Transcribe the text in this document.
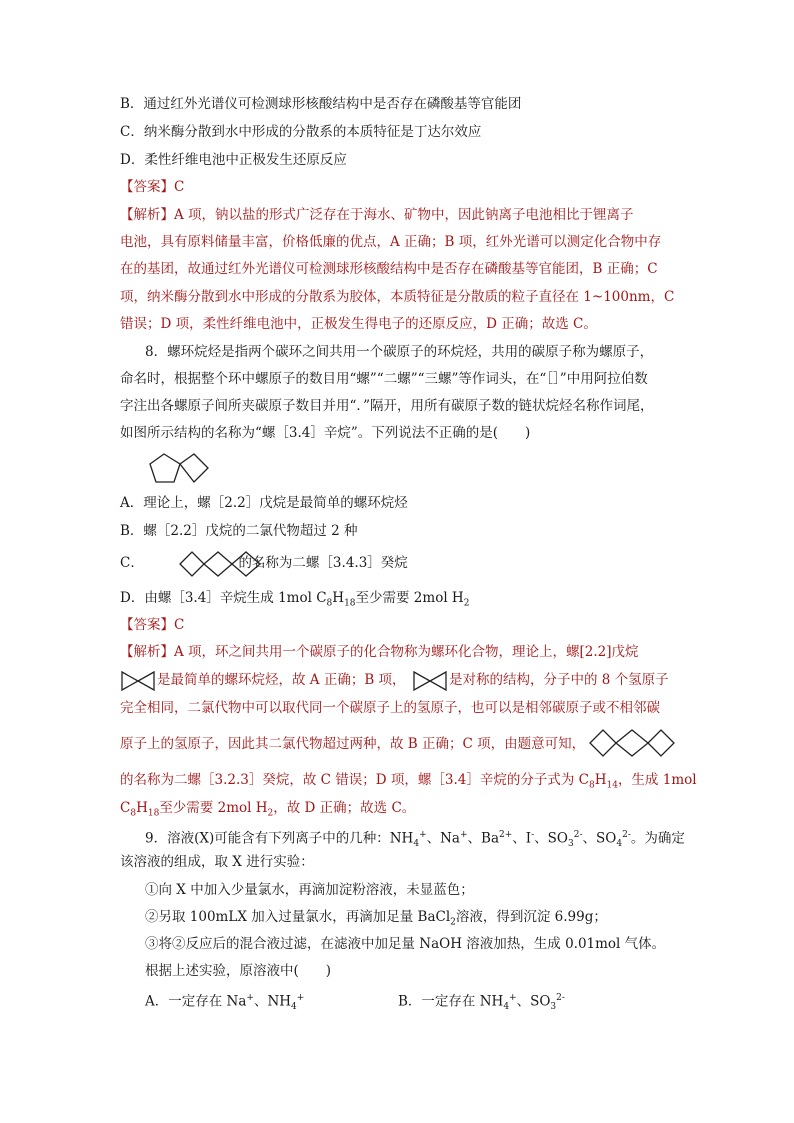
B．通过红外光谱仪可检测球形核酸结构中是否存在磷酸基等官能团
C．纳米酶分散到水中形成的分散系的本质特征是丁达尔效应
D．柔性纤维电池中正极发生还原反应
【答案】C
【解析】A 项，钠以盐的形式广泛存在于海水、矿物中，因此钠离子电池相比于锂离子
电池，具有原料储量丰富，价格低廉的优点，A 正确；B 项，红外光谱可以测定化合物中存
在的基团，故通过红外光谱仪可检测球形核酸结构中是否存在磷酸基等官能团，B 正确；C
项，纳米酶分散到水中形成的分散系为胶体，本质特征是分散质的粒子直径在 1~100nm，C
错误；D 项，柔性纤维电池中，正极发生得电子的还原反应，D 正确；故选 C。
8．螺环烷烃是指两个碳环之间共用一个碳原子的环烷烃，共用的碳原子称为螺原子，
命名时，根据整个环中螺原子的数目用“螺”“二螺”“三螺”等作词头，在“［］”中用阿拉伯数
字注出各螺原子间所夹碳原子数目并用“．”隔开，用所有碳原子数的链状烷烃名称作词尾，
如图所示结构的名称为“螺［3.4］辛烷”。下列说法不正确的是(　　)
A．理论上，螺［2.2］戊烷是最简单的螺环烷烃
B．螺［2.2］戊烷的二氯代物超过 2 种
C．	的名称为二螺［3.4.3］癸烷
D．由螺［3.4］辛烷生成 1mol $C_8H_{18}$至少需要 2mol $H_2$
【答案】C
【解析】A 项，环之间共用一个碳原子的化合物称为螺环化合物，理论上，螺[2.2]戊烷
是最简单的螺环烷烃，故 A 正确；B 项，	是对称的结构，分子中的 8 个氢原子
完全相同，二氯代物中可以取代同一个碳原子上的氢原子，也可以是相邻碳原子或不相邻碳
原子上的氢原子，因此其二氯代物超过两种，故 B 正确；C 项，由题意可知，
的名称为二螺［3.2.3］癸烷，故 C 错误；D 项，螺［3.4］辛烷的分子式为 $C_8H_{14}$，生成 1mol
$C_8H_{18}$至少需要 2mol $H_2$，故 D 正确；故选 C。
9．溶液(X)可能含有下列离子中的几种：$NH_4^+$、Na+、$Ba^{2+}$、I-、$SO_3^{2-}$、$SO_4^{2-}$。为确定
该溶液的组成，取 X 进行实验：
①向 X 中加入少量氯水，再滴加淀粉溶液，未显蓝色；
②另取 100mLX 加入过量氯水，再滴加足量 BaCl$_2$溶液，得到沉淀 6.99g；
③将②反应后的混合液过滤，在滤液中加足量 NaOH 溶液加热，生成 0.01mol 气体。
根据上述实验，原溶液中(　　)
A．一定存在 Na+、$NH_4^+$	B．一定存在 $NH_4^+$、$SO_3^{2-}$
